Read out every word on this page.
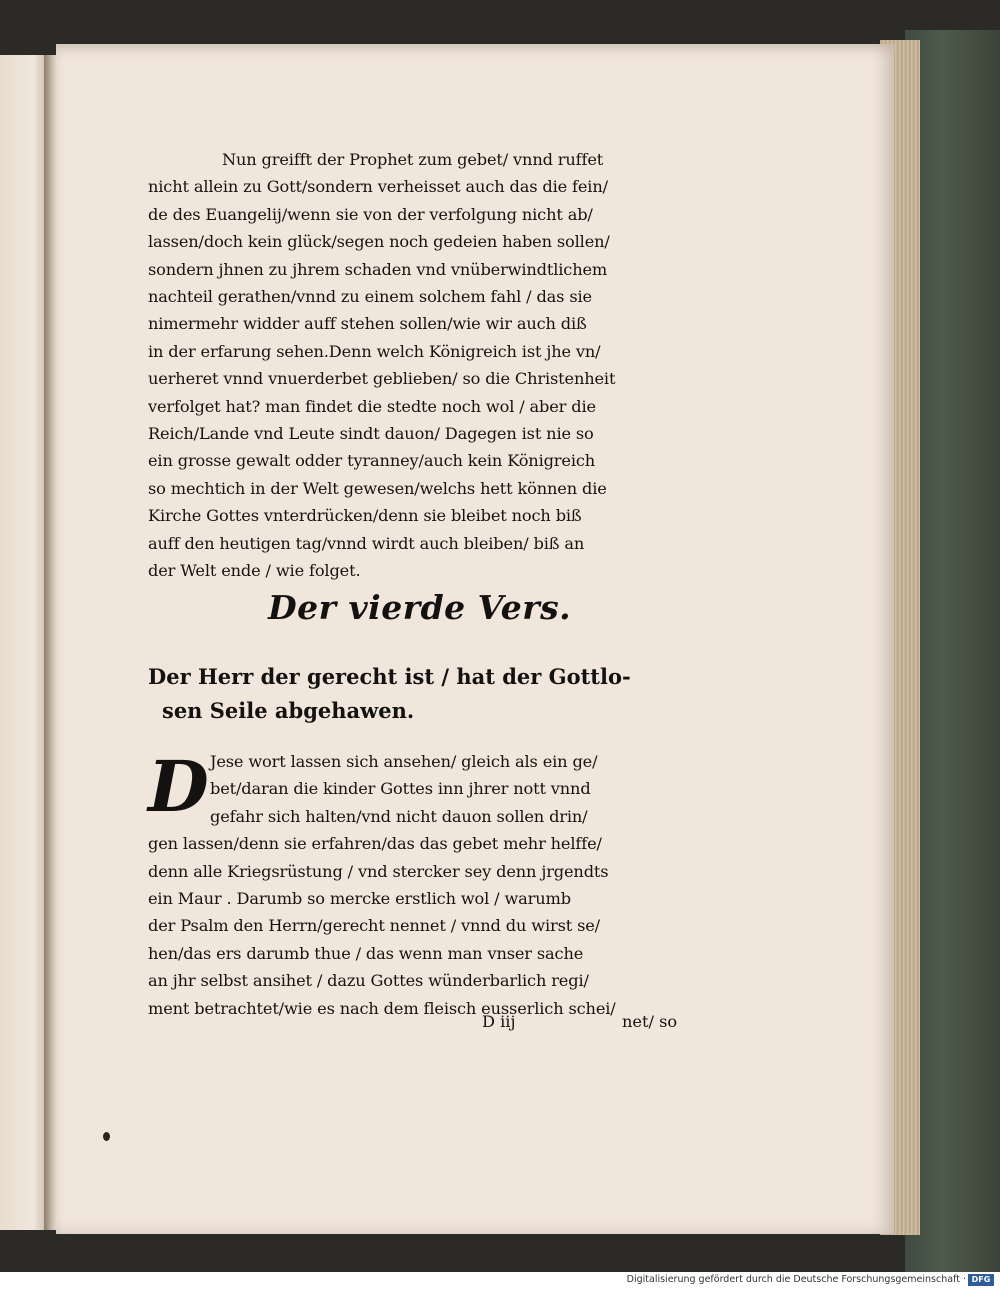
Nun greifft der Prophet zum gebet/ vnnd ruffet
nicht allein zu Gott/sondern verheisset auch das die fein/
de des Euangelij/wenn sie von der verfolgung nicht ab/
lassen/doch kein glück/segen noch gedeien haben sollen/
sondern jhnen zu jhrem schaden vnd vnüberwindtlichem
nachteil gerathen/vnnd zu einem solchem fahl / das sie
nimermehr widder auff stehen sollen/wie wir auch diß
in der erfarung sehen.Denn welch Königreich ist jhe vn/
uerheret vnnd vnuerderbet geblieben/ so die Christenheit
verfolget hat? man findet die stedte noch wol / aber die
Reich/Lande vnd Leute sindt dauon/ Dagegen ist nie so
ein grosse gewalt odder tyranney/auch kein Königreich
so mechtich in der Welt gewesen/welchs hett können die
Kirche Gottes vnterdrücken/denn sie bleibet noch biß
auff den heutigen tag/vnnd wirdt auch bleiben/ biß an
der Welt ende / wie folget.
Der vierde Vers.
Der Herr der gerecht ist / hat der Gottlo-
sen Seile abgehawen.
D Jese wort lassen sich ansehen/ gleich als ein ge/
bet/daran die kinder Gottes inn jhrer nott vnnd
gefahr sich halten/vnd nicht dauon sollen drin/
gen lassen/denn sie erfahren/das das gebet mehr helffe/
denn alle Kriegsrüstung / vnd stercker sey denn jrgendts
ein Maur . Darumb so mercke erstlich wol / warumb
der Psalm den Herrn/gerecht nennet / vnnd du wirst se/
hen/das ers darumb thue / das wenn man vnser sache
an jhr selbst ansihet / dazu Gottes wünderbarlich regi/
ment betrachtet/wie es nach dem fleisch eusserlich schei/
D iij	net/ so
Digitalisierung gefördert durch die Deutsche Forschungsgemeinschaft · DFG
